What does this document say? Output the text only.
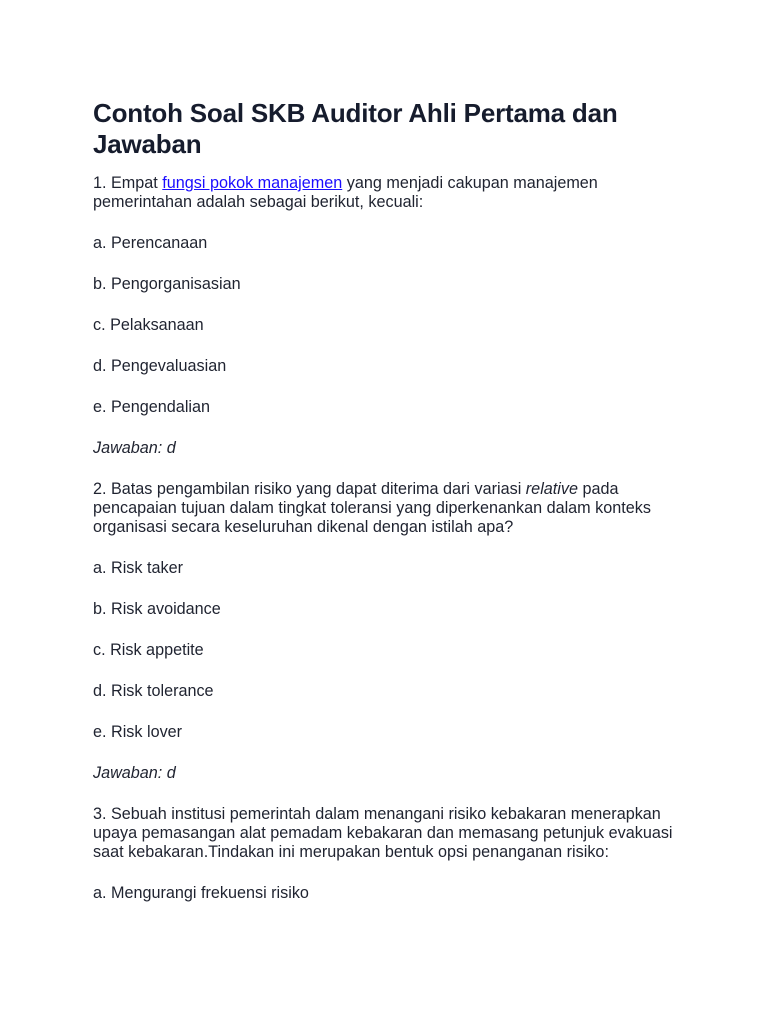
Contoh Soal SKB Auditor Ahli Pertama dan Jawaban

1. Empat fungsi pokok manajemen yang menjadi cakupan manajemen pemerintahan adalah sebagai berikut, kecuali:

a. Perencanaan

b. Pengorganisasian

c. Pelaksanaan

d. Pengevaluasian

e. Pengendalian

Jawaban: d

2. Batas pengambilan risiko yang dapat diterima dari variasi relative pada pencapaian tujuan dalam tingkat toleransi yang diperkenankan dalam konteks organisasi secara keseluruhan dikenal dengan istilah apa?

a. Risk taker

b. Risk avoidance

c. Risk appetite

d. Risk tolerance

e. Risk lover

Jawaban: d

3. Sebuah institusi pemerintah dalam menangani risiko kebakaran menerapkan upaya pemasangan alat pemadam kebakaran dan memasang petunjuk evakuasi saat kebakaran.Tindakan ini merupakan bentuk opsi penanganan risiko:

a. Mengurangi frekuensi risiko
